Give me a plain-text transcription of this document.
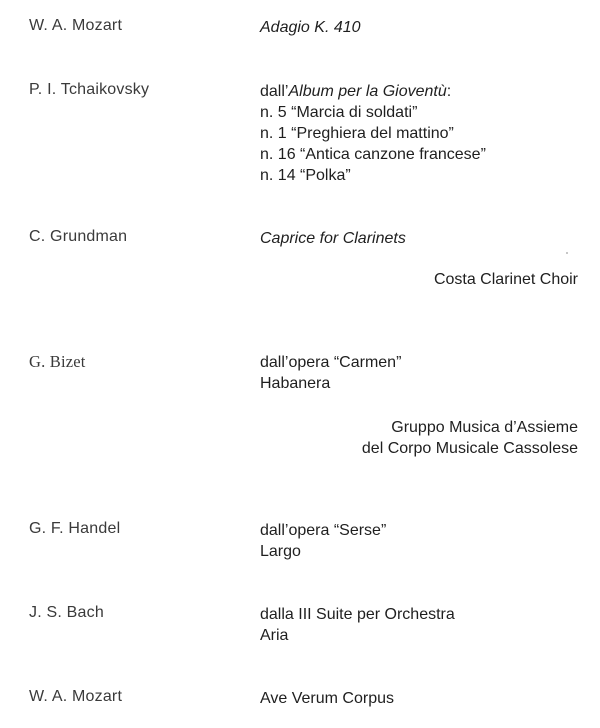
W. A. Mozart	Adagio K. 410
P. I. Tchaikovsky	dall’Album per la Gioventù:
n. 5 “Marcia di soldati”
n. 1 “Preghiera del mattino”
n. 16 “Antica canzone francese”
n. 14 “Polka”
C. Grundman	Caprice for Clarinets
Costa Clarinet Choir
G. Bizet	dall’opera “Carmen”
Habanera
Gruppo Musica d’Assieme
del Corpo Musicale Cassolese
G. F. Handel	dall’opera “Serse”
Largo
J. S. Bach	dalla III Suite per Orchestra
Aria
W. A. Mozart	Ave Verum Corpus
